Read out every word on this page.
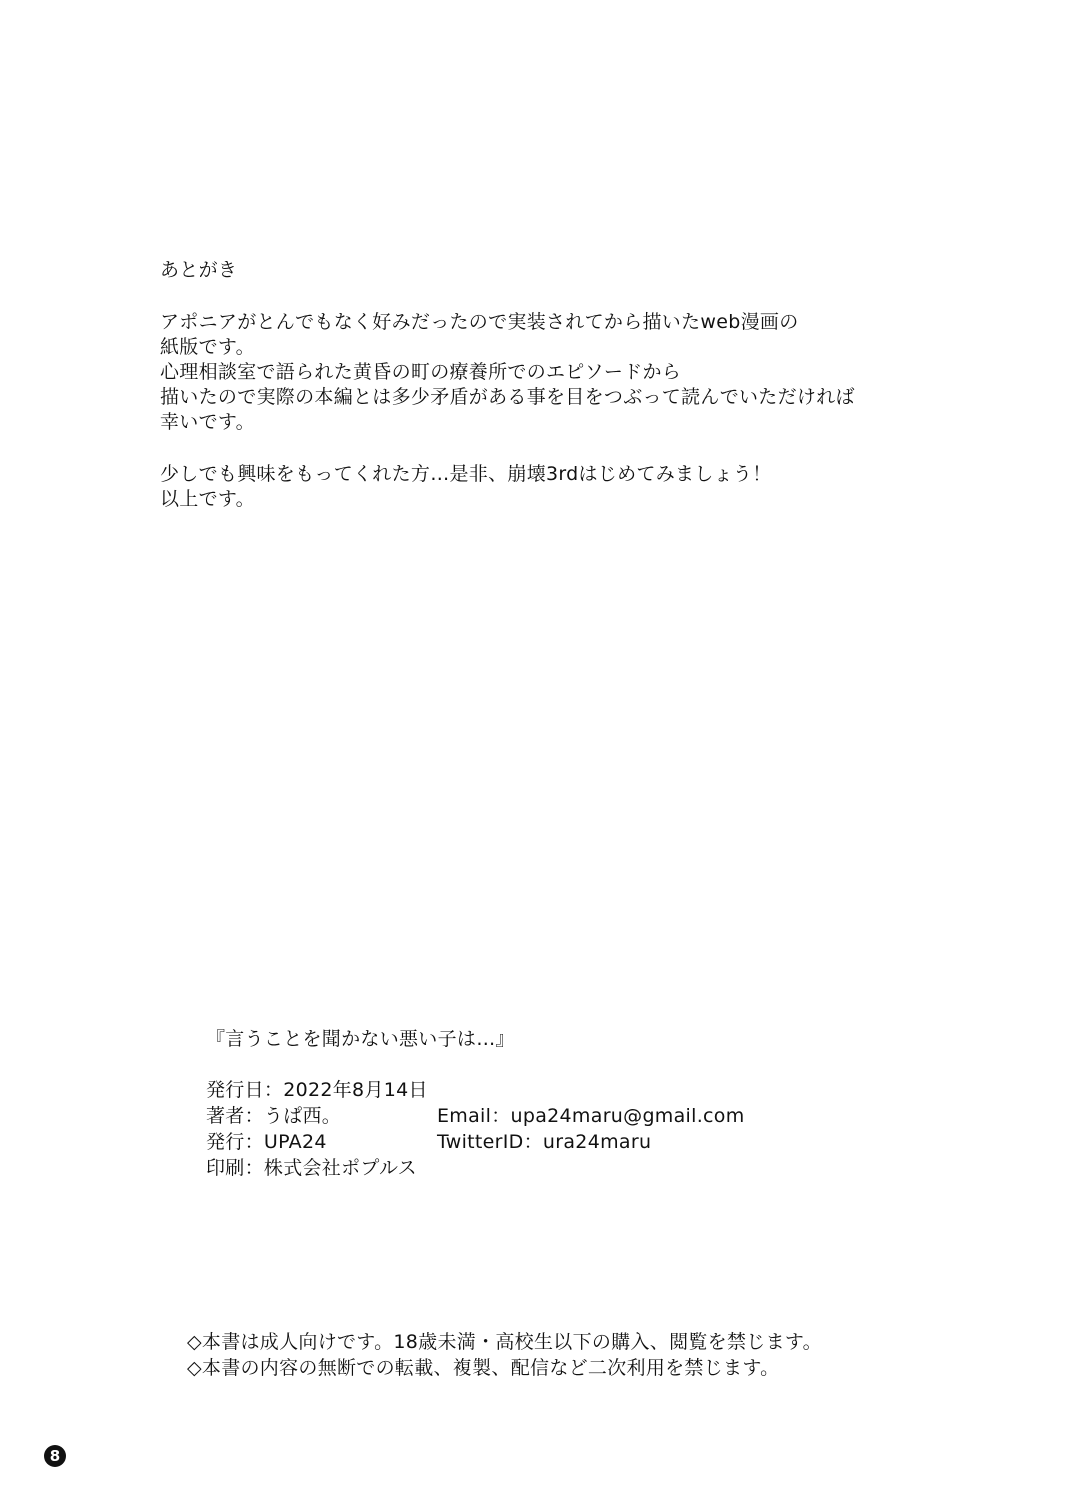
あとがき
アポニアがとんでもなく好みだったので実装されてから描いたweb漫画の
紙版です。
心理相談室で語られた黄昏の町の療養所でのエピソードから
描いたので実際の本編とは多少矛盾がある事を目をつぶって読んでいただければ
幸いです。
少しでも興味をもってくれた方…是非、崩壊3rdはじめてみましょう！
以上です。
『言うことを聞かない悪い子は…』
発行日：2022年8月14日
著者：うぱ西。	Email：upa24maru@gmail.com
発行：UPA24	TwitterID：ura24maru
印刷：株式会社ポプルス
◇本書は成人向けです。18歳未満・高校生以下の購入、閲覧を禁じます。
◇本書の内容の無断での転載、複製、配信など二次利用を禁じます。
8
